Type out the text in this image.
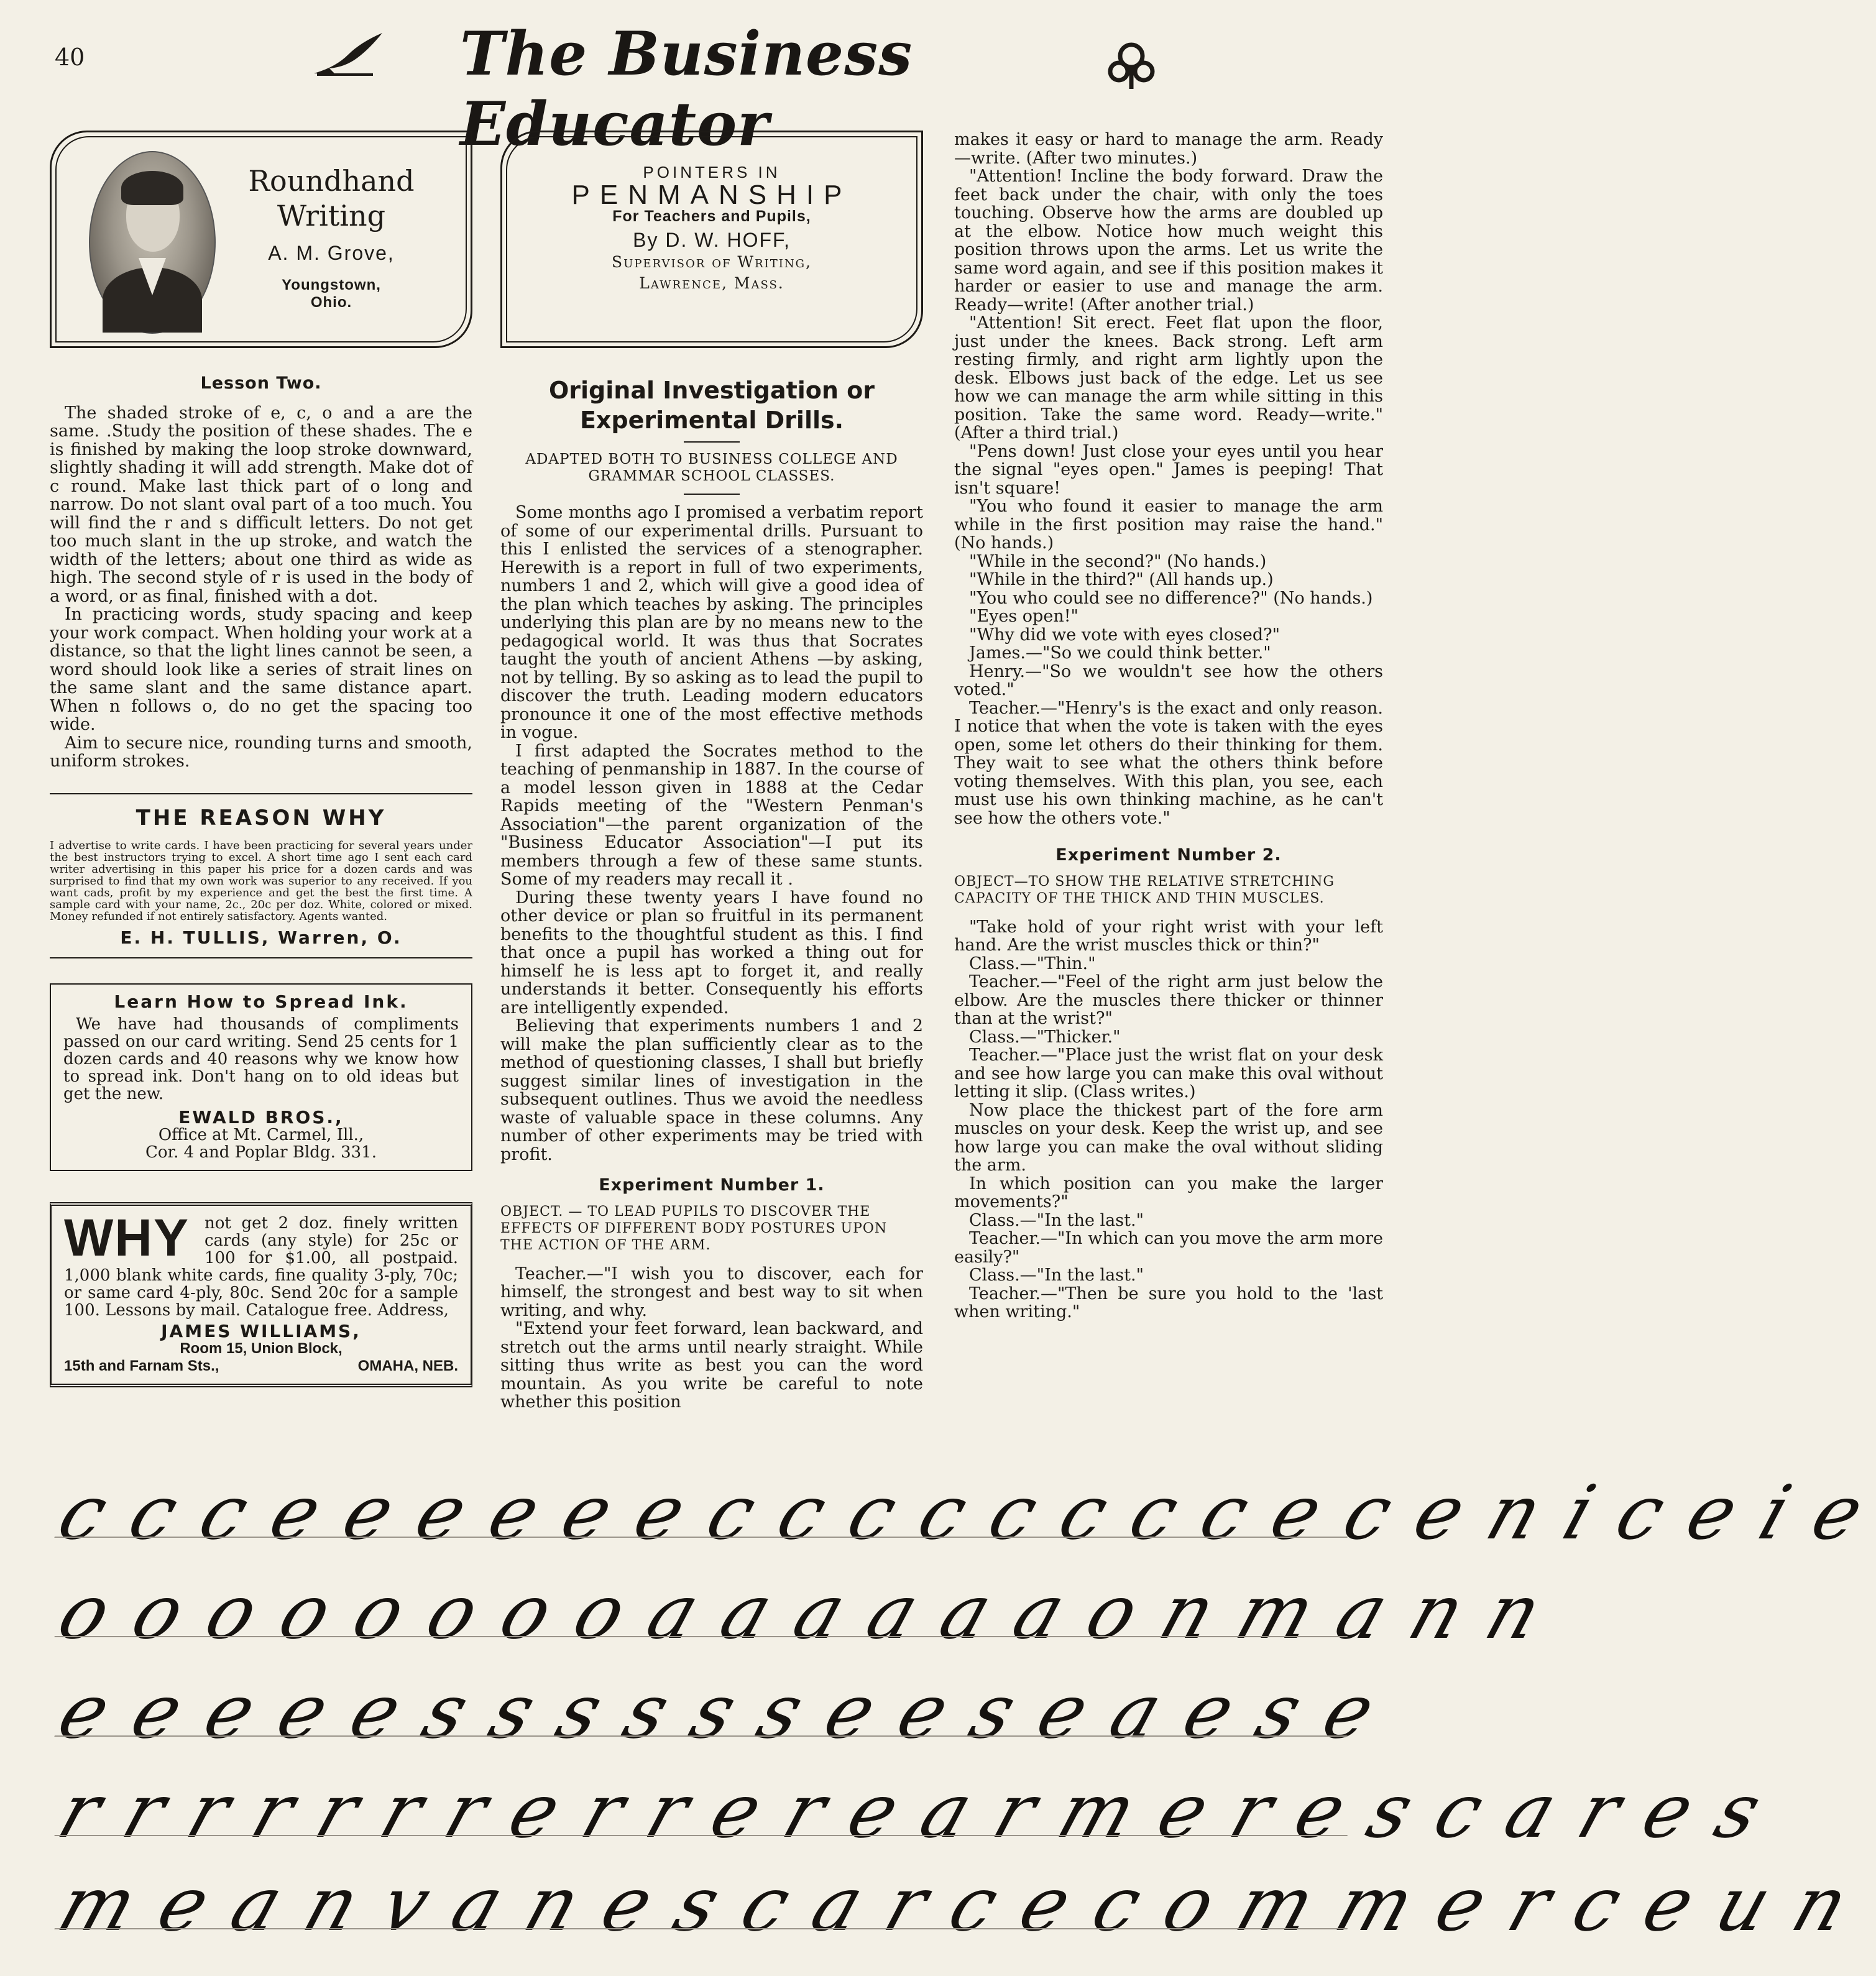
40	The Business Educator
Roundhand Writing
A. M. Grove,
Youngstown,
Ohio.
Lesson Two.

The shaded stroke of e, c, o and a are the same. .Study the position of these shades. The e is finished by making the loop stroke downward, slightly shading it will add strength. Make dot of c round. Make last thick part of o long and narrow. Do not slant oval part of a too much. You will find the r and s difficult letters. Do not get too much slant in the up stroke, and watch the width of the letters; about one third as wide as high. The second style of r is used in the body of a word, or as final, finished with a dot.

In practicing words, study spacing and keep your work compact. When holding your work at a distance, so that the light lines cannot be seen, a word should look like a series of strait lines on the same slant and the same distance apart. When n follows o, do no get the spacing too wide.

Aim to secure nice, rounding turns and smooth, uniform strokes.

THE REASON WHY

I advertise to write cards. I have been practicing for several years under the best instructors trying to excel. A short time ago I sent each card writer advertising in this paper his price for a dozen cards and was surprised to find that my own work was superior to any received. If you want cads, profit by my experience and get the best the first time. A sample card with your name, 2c., 20c per doz. White, colored or mixed. Money refunded if not entirely satisfactory. Agents wanted.

E. H. TULLIS, Warren, O.
Learn How to Spread Ink.
We have had thousands of compliments passed on our card writing. Send 25 cents for 1 dozen cards and 40 reasons why we know how to spread ink. Don't hang on to old ideas but get the new.
EWALD BROS.,
Office at Mt. Carmel, Ill.,
Cor. 4 and Poplar Bldg. 331.
WHY not get 2 doz. finely written cards (any style) for 25c or 100 for $1.00, all postpaid. 1,000 blank white cards, fine quality 3-ply, 70c; or same card 4-ply, 80c. Send 20c for a sample 100. Lessons by mail. Catalogue free. Address,
JAMES WILLIAMS,
Room 15, Union Block,
15th and Farnam Sts.,	OMAHA, NEB.
POINTERS IN
PENMANSHIP
For Teachers and Pupils,
By D. W. HOFF,
Supervisor of Writing,
Lawrence, Mass.
Original Investigation or Experimental Drills.
ADAPTED BOTH TO BUSINESS COLLEGE AND GRAMMAR SCHOOL CLASSES.

Some months ago I promised a verbatim report of some of our experimental drills. Pursuant to this I enlisted the services of a stenographer. Herewith is a report in full of two experiments, numbers 1 and 2, which will give a good idea of the plan which teaches by asking. The principles underlying this plan are by no means new to the pedagogical world. It was thus that Socrates taught the youth of ancient Athens —by asking, not by telling. By so asking as to lead the pupil to discover the truth. Leading modern educators pronounce it one of the most effective methods in vogue.

I first adapted the Socrates method to the teaching of penmanship in 1887. In the course of a model lesson given in 1888 at the Cedar Rapids meeting of the "Western Penman's Association"—the parent organization of the "Business Educator Association"—I put its members through a few of these same stunts. Some of my readers may recall it .

During these twenty years I have found no other device or plan so fruitful in its permanent benefits to the thoughtful student as this. I find that once a pupil has worked a thing out for himself he is less apt to forget it, and really understands it better. Consequently his efforts are intelligently expended.

Believing that experiments numbers 1 and 2 will make the plan sufficiently clear as to the method of questioning classes, I shall but briefly suggest similar lines of investigation in the subsequent outlines. Thus we avoid the needless waste of valuable space in these columns. Any number of other experiments may be tried with profit.

Experiment Number 1.
OBJECT. — TO LEAD PUPILS TO DISCOVER THE EFFECTS OF DIFFERENT BODY POSTURES UPON THE ACTION OF THE ARM.

Teacher.—"I wish you to discover, each for himself, the strongest and best way to sit when writing, and why.

"Extend your feet forward, lean backward, and stretch out the arms until nearly straight. While sitting thus write as best you can the word mountain. As you write be careful to note whether this position

makes it easy or hard to manage the arm. Ready—write. (After two minutes.)

"Attention! Incline the body forward. Draw the feet back under the chair, with only the toes touching. Observe how the arms are doubled up at the elbow. Notice how much weight this position throws upon the arms. Let us write the same word again, and see if this position makes it harder or easier to use and manage the arm. Ready—write! (After another trial.)

"Attention! Sit erect. Feet flat upon the floor, just under the knees. Back strong. Left arm resting firmly, and right arm lightly upon the desk. Elbows just back of the edge. Let us see how we can manage the arm while sitting in this position. Take the same word. Ready—write." (After a third trial.)

"Pens down! Just close your eyes until you hear the signal "eyes open." James is peeping! That isn't square!

"You who found it easier to manage the arm while in the first position may raise the hand." (No hands.)

"While in the second?" (No hands.)

"While in the third?" (All hands up.)

"You who could see no difference?" (No hands.)

"Eyes open!"

"Why did we vote with eyes closed?"

James.—"So we could think better."

Henry.—"So we wouldn't see how the others voted."

Teacher.—"Henry's is the exact and only reason. I notice that when the vote is taken with the eyes open, some let others do their thinking for them. They wait to see what the others think before voting themselves. With this plan, you see, each must use his own thinking machine, as he can't see how the others vote."

Experiment Number 2.
OBJECT—TO SHOW THE RELATIVE STRETCHING CAPACITY OF THE THICK AND THIN MUSCLES.

"Take hold of your right wrist with your left hand. Are the wrist muscles thick or thin?"

Class.—"Thin."

Teacher.—"Feel of the right arm just below the elbow. Are the muscles there thicker or thinner than at the wrist?"

Class.—"Thicker."

Teacher.—"Place just the wrist flat on your desk and see how large you can make this oval without letting it slip. (Class writes.)

Now place the thickest part of the fore arm muscles on your desk. Keep the wrist up, and see how large you can make the oval without sliding the arm.

In which position can you make the larger movements?"

Class.—"In the last."

Teacher.—"In which can you move the arm more easily?"

Class.—"In the last."

Teacher.—"Then be sure you hold to the 'last when writing."

c c c e e e e e e c c c c c c c c e c e n i c e i e
o o o o o o o o a a a a a a o n m a n n
e e e e e s s s s s s e e s e a e s e
r r r r r r r e r r e r e a r m e r e s c a r e s
m e a n v a n e s c a r c e c o m m e r c e u n
